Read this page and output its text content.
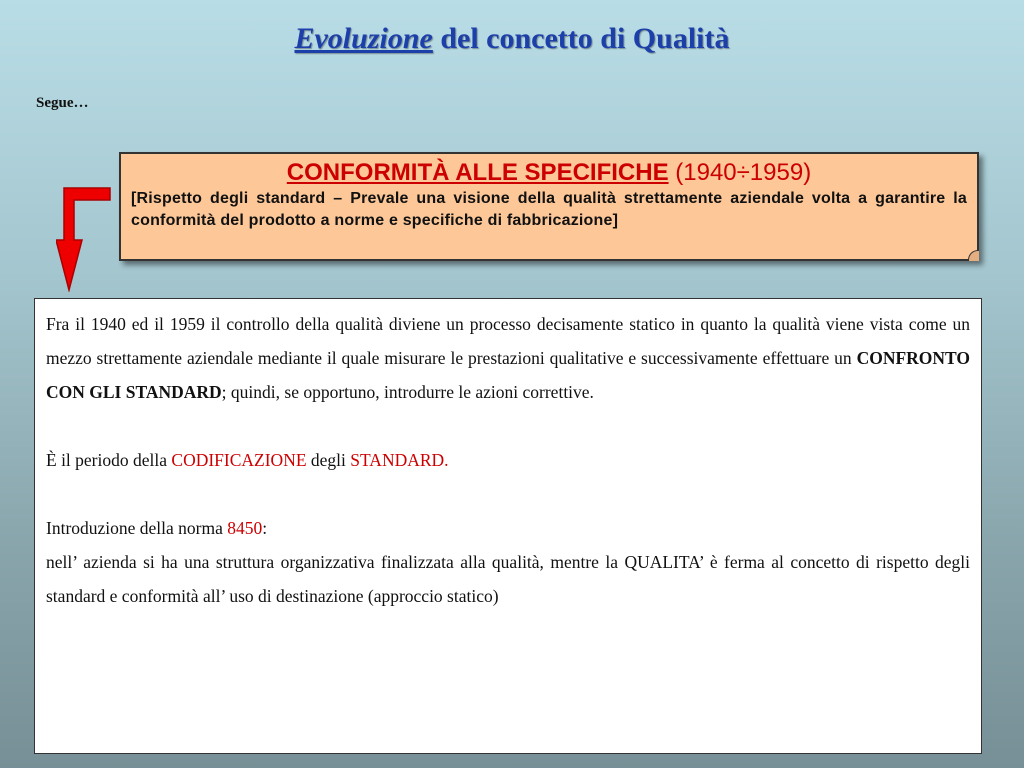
Evoluzione del concetto di Qualità
Segue…
CONFORMITÀ ALLE SPECIFICHE (1940÷1959)
[Rispetto degli standard – Prevale una visione della qualità strettamente aziendale volta a garantire la conformità del prodotto a norme e specifiche di fabbricazione]

Fra il 1940 ed il 1959 il controllo della qualità diviene un processo decisamente statico in quanto la qualità viene vista come un mezzo strettamente aziendale mediante il quale misurare le prestazioni qualitative e successivamente effettuare un CONFRONTO CON GLI STANDARD; quindi, se opportuno, introdurre le azioni correttive.

È il periodo della CODIFICAZIONE degli STANDARD.

Introduzione della norma 8450:

nell’ azienda si ha una struttura organizzativa finalizzata alla qualità, mentre la QUALITA’ è ferma al concetto di rispetto degli standard e conformità all’ uso di destinazione (approccio statico)
